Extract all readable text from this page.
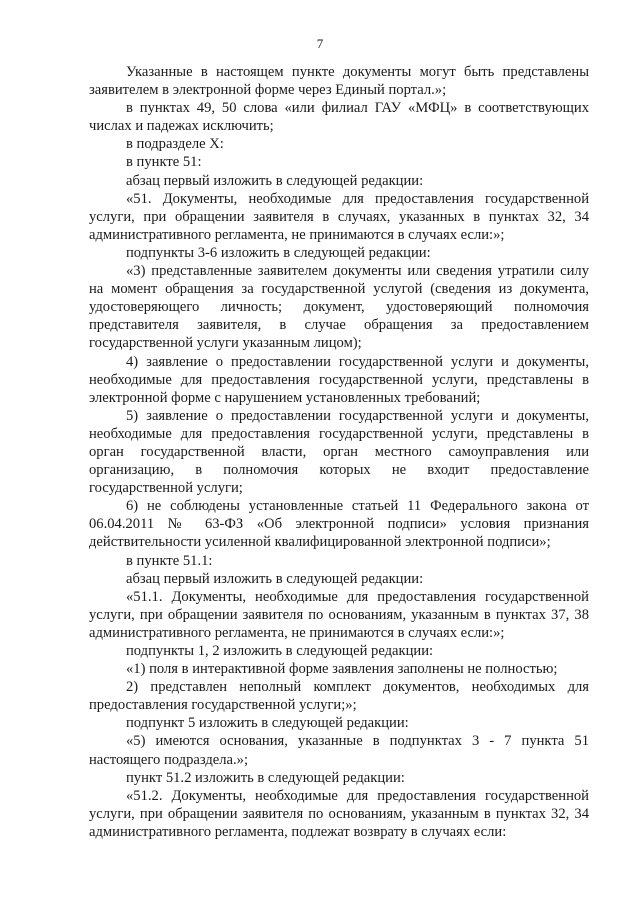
7

Указанные в настоящем пункте документы могут быть представлены заявителем в электронной форме через Единый портал.»;

в пунктах 49, 50 слова «или филиал ГАУ «МФЦ» в соответствующих числах и падежах исключить;

в подразделе X:

в пункте 51:

абзац первый изложить в следующей редакции:

«51. Документы, необходимые для предоставления государственной услуги, при обращении заявителя в случаях, указанных в пунктах 32, 34 административного регламента, не принимаются в случаях если:»;

подпункты 3-6 изложить в следующей редакции:

«3) представленные заявителем документы или сведения утратили силу на момент обращения за государственной услугой (сведения из документа, удостоверяющего личность; документ, удостоверяющий полномочия представителя заявителя, в случае обращения за предоставлением государственной услуги указанным лицом);

4) заявление о предоставлении государственной услуги и документы, необходимые для предоставления государственной услуги, представлены в электронной форме с нарушением установленных требований;

5) заявление о предоставлении государственной услуги и документы, необходимые для предоставления государственной услуги, представлены в орган государственной власти, орган местного самоуправления или организацию, в полномочия которых не входит предоставление государственной услуги;

6) не соблюдены установленные статьей 11 Федерального закона от 06.04.2011 № 63-ФЗ «Об электронной подписи» условия признания действительности усиленной квалифицированной электронной подписи»;

в пункте 51.1:

абзац первый изложить в следующей редакции:

«51.1. Документы, необходимые для предоставления государственной услуги, при обращении заявителя по основаниям, указанным в пунктах 37, 38 административного регламента, не принимаются в случаях если:»;

подпункты 1, 2 изложить в следующей редакции:

«1) поля в интерактивной форме заявления заполнены не полностью;

2) представлен неполный комплект документов, необходимых для предоставления государственной услуги;»;

подпункт 5 изложить в следующей редакции:

«5) имеются основания, указанные в подпунктах 3 - 7 пункта 51 настоящего подраздела.»;

пункт 51.2 изложить в следующей редакции:

«51.2. Документы, необходимые для предоставления государственной услуги, при обращении заявителя по основаниям, указанным в пунктах 32, 34 административного регламента, подлежат возврату в случаях если:
